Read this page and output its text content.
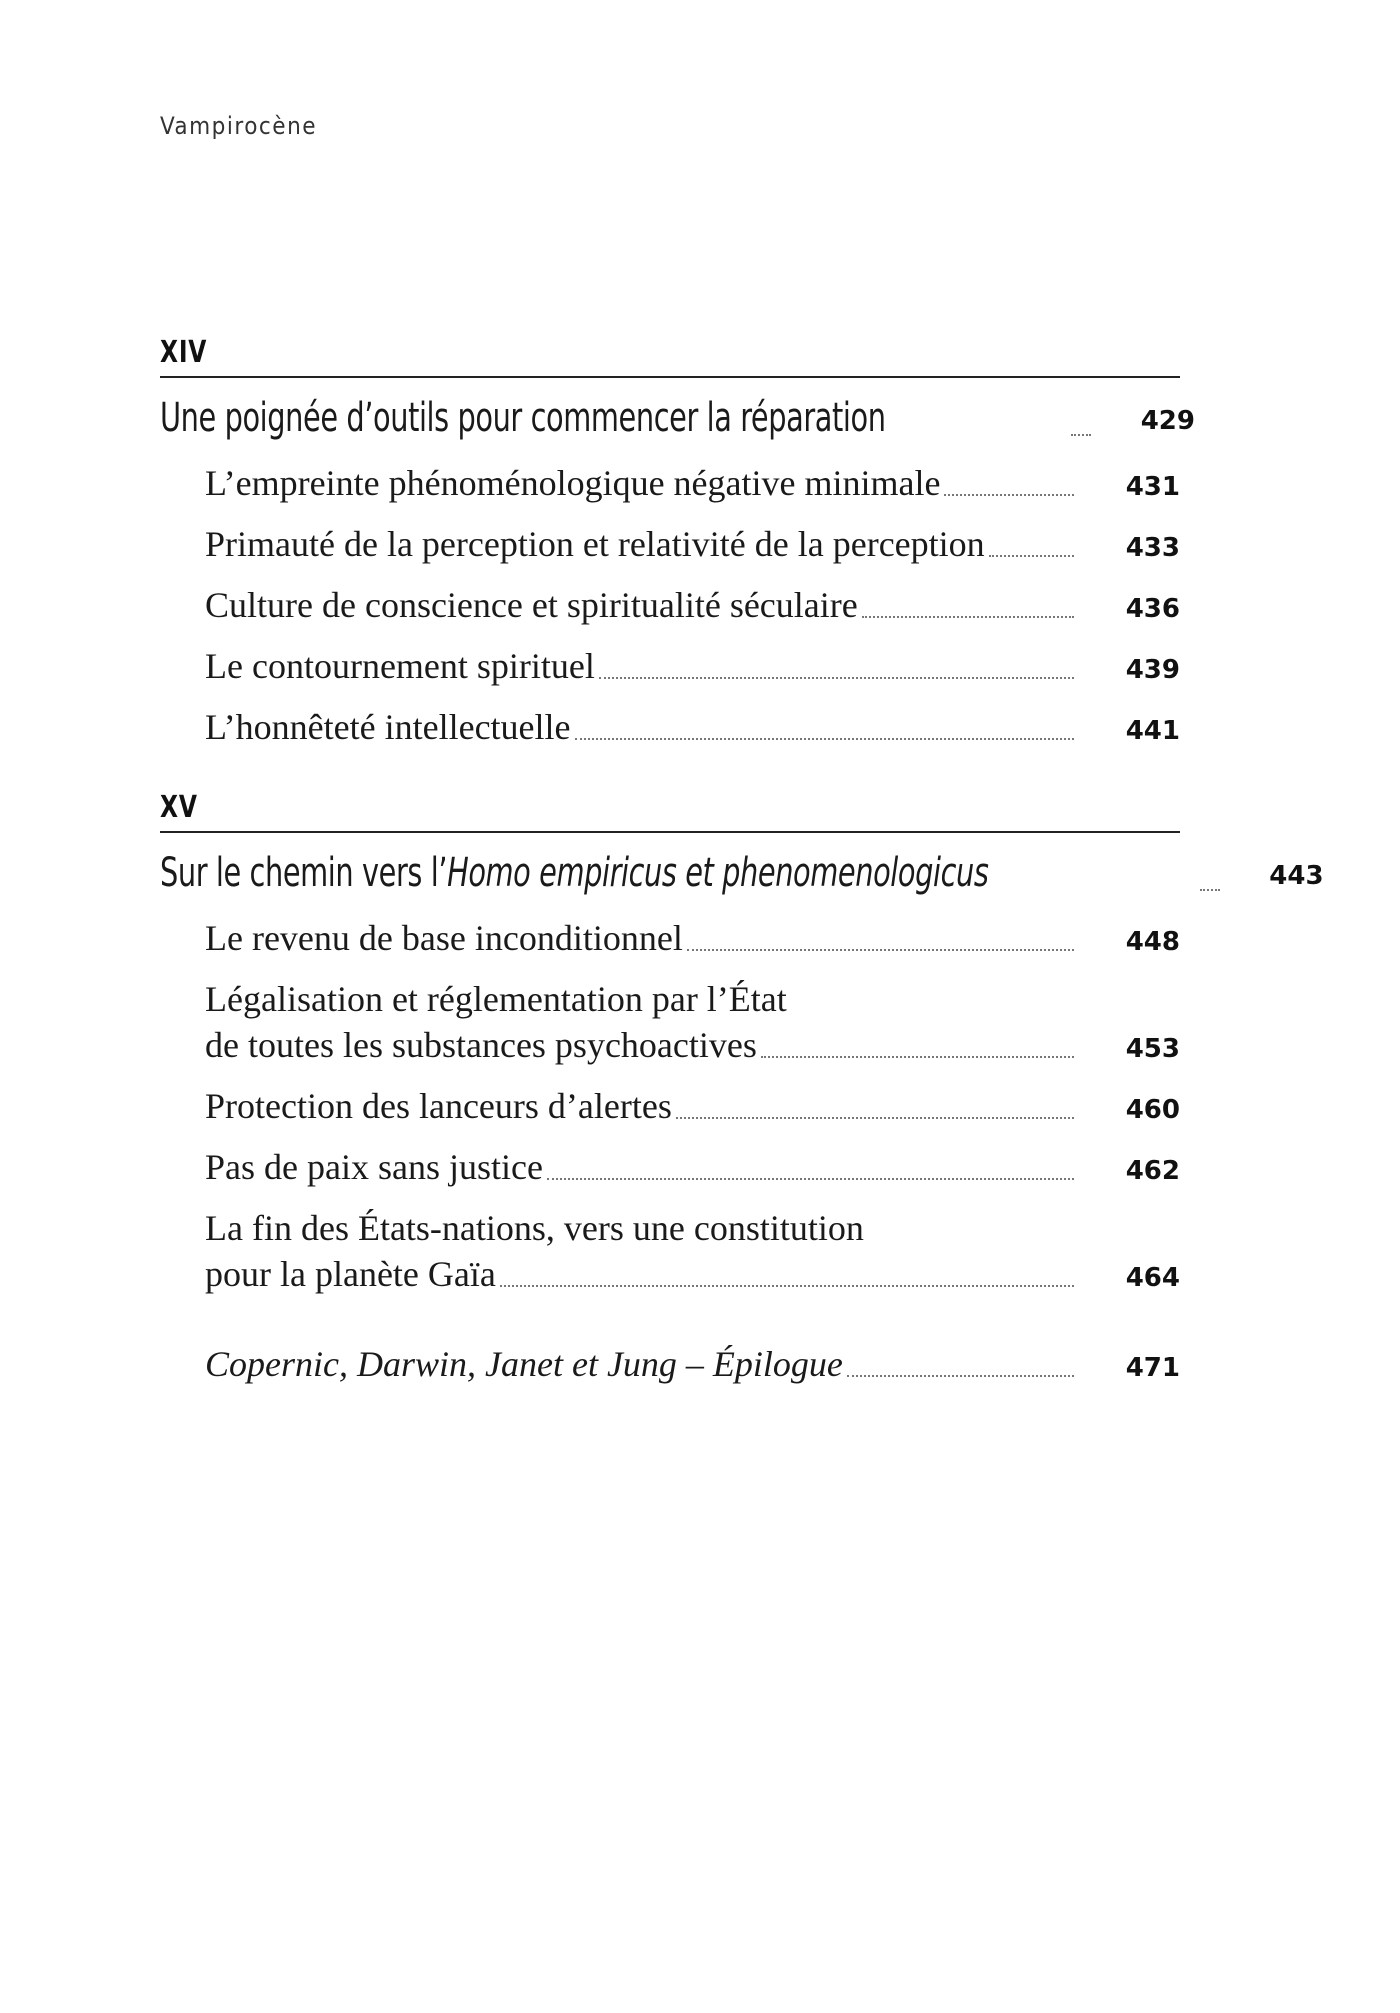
Vampirocène
XIV
Une poignée d’outils pour commencer la réparation	429
L’empreinte phénoménologique négative minimale	431
Primauté de la perception et relativité de la perception	433
Culture de conscience et spiritualité séculaire	436
Le contournement spirituel	439
L’honnêteté intellectuelle	441
XV
Sur le chemin vers l’Homo empiricus et phenomenologicus	443
Le revenu de base inconditionnel	448
Légalisation et réglementation par l’État
de toutes les substances psychoactives	453
Protection des lanceurs d’alertes	460
Pas de paix sans justice	462
La fin des États-nations, vers une constitution
pour la planète Gaïa	464
Copernic, Darwin, Janet et Jung – Épilogue	471
